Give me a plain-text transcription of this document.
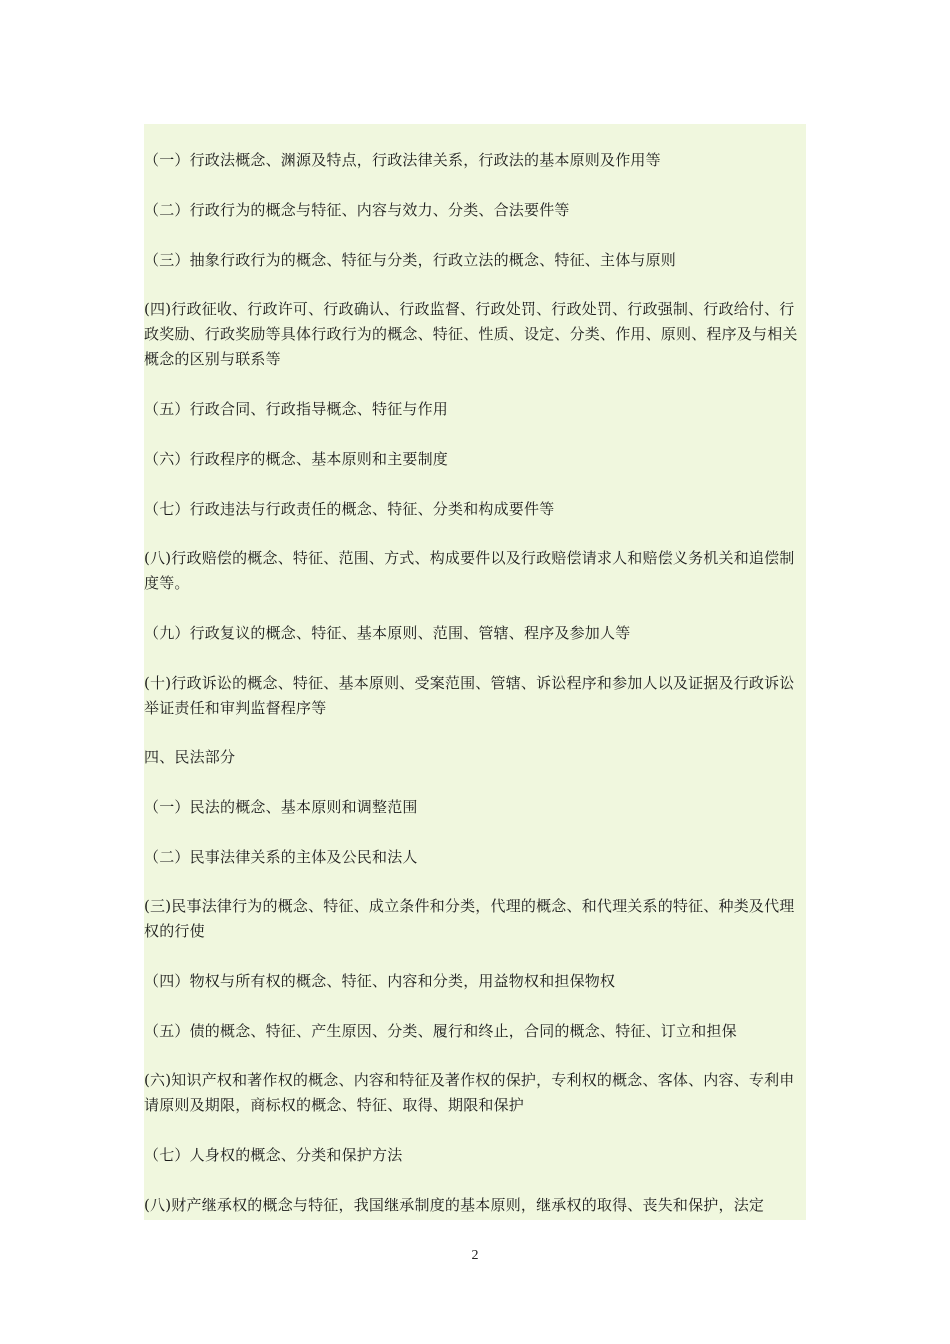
（一）行政法概念、渊源及特点，行政法律关系，行政法的基本原则及作用等
（二）行政行为的概念与特征、内容与效力、分类、合法要件等
（三）抽象行政行为的概念、特征与分类，行政立法的概念、特征、主体与原则
(四)行政征收、行政许可、行政确认、行政监督、行政处罚、行政处罚、行政强制、行政给付、行政奖励、行政奖励等具体行政行为的概念、特征、性质、设定、分类、作用、原则、程序及与相关概念的区别与联系等
（五）行政合同、行政指导概念、特征与作用
（六）行政程序的概念、基本原则和主要制度
（七）行政违法与行政责任的概念、特征、分类和构成要件等
(八)行政赔偿的概念、特征、范围、方式、构成要件以及行政赔偿请求人和赔偿义务机关和追偿制度等。
（九）行政复议的概念、特征、基本原则、范围、管辖、程序及参加人等
(十)行政诉讼的概念、特征、基本原则、受案范围、管辖、诉讼程序和参加人以及证据及行政诉讼举证责任和审判监督程序等
四、民法部分
（一）民法的概念、基本原则和调整范围
（二）民事法律关系的主体及公民和法人
(三)民事法律行为的概念、特征、成立条件和分类，代理的概念、和代理关系的特征、种类及代理权的行使
（四）物权与所有权的概念、特征、内容和分类，用益物权和担保物权
（五）债的概念、特征、产生原因、分类、履行和终止，合同的概念、特征、订立和担保
(六)知识产权和著作权的概念、内容和特征及著作权的保护，专利权的概念、客体、内容、专利申请原则及期限，商标权的概念、特征、取得、期限和保护
（七）人身权的概念、分类和保护方法
(八)财产继承权的概念与特征，我国继承制度的基本原则，继承权的取得、丧失和保护，法定
2
